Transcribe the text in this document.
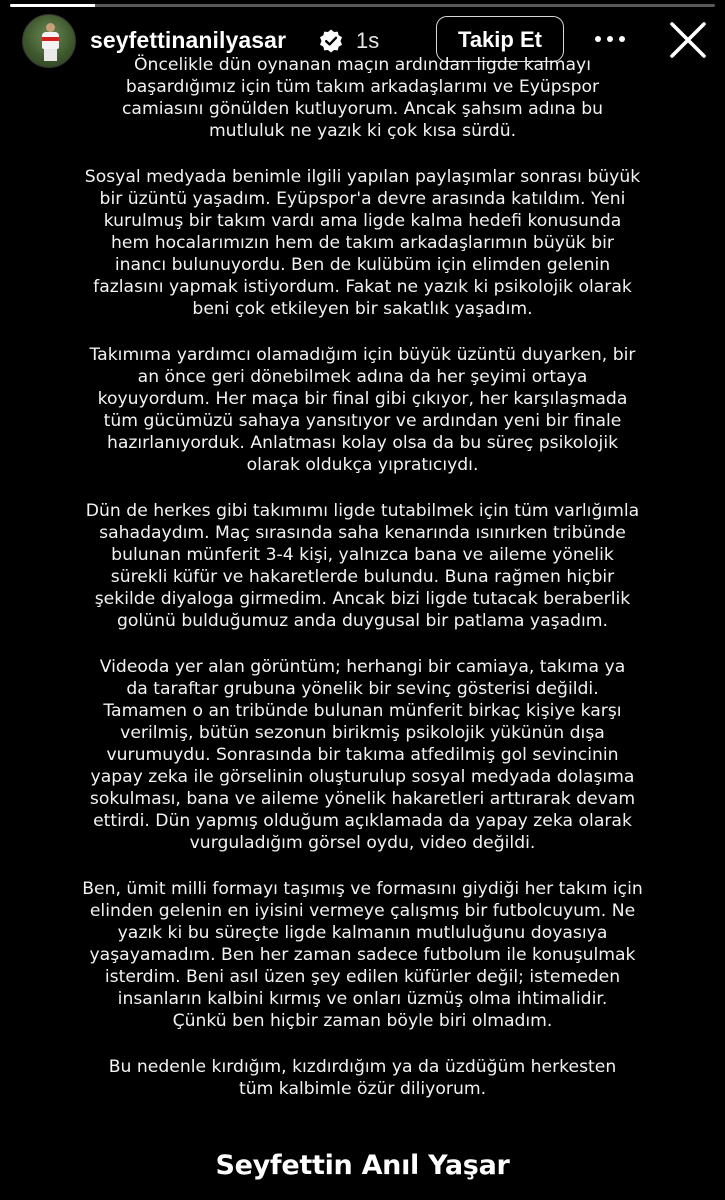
seyfettinanilyasar	1s	Takip Et

Öncelikle dün oynanan maçın ardından ligde kalmayı
başardığımız için tüm takım arkadaşlarımı ve Eyüpspor
camiasını gönülden kutluyorum. Ancak şahsım adına bu
mutluluk ne yazık ki çok kısa sürdü.

Sosyal medyada benimle ilgili yapılan paylaşımlar sonrası büyük
bir üzüntü yaşadım. Eyüpspor'a devre arasında katıldım. Yeni
kurulmuş bir takım vardı ama ligde kalma hedefi konusunda
hem hocalarımızın hem de takım arkadaşlarımın büyük bir
inancı bulunuyordu. Ben de kulübüm için elimden gelenin
fazlasını yapmak istiyordum. Fakat ne yazık ki psikolojik olarak
beni çok etkileyen bir sakatlık yaşadım.

Takımıma yardımcı olamadığım için büyük üzüntü duyarken, bir
an önce geri dönebilmek adına da her şeyimi ortaya
koyuyordum. Her maça bir final gibi çıkıyor, her karşılaşmada
tüm gücümüzü sahaya yansıtıyor ve ardından yeni bir finale
hazırlanıyorduk. Anlatması kolay olsa da bu süreç psikolojik
olarak oldukça yıpratıcıydı.

Dün de herkes gibi takımımı ligde tutabilmek için tüm varlığımla
sahadaydım. Maç sırasında saha kenarında ısınırken tribünde
bulunan münferit 3-4 kişi, yalnızca bana ve aileme yönelik
sürekli küfür ve hakaretlerde bulundu. Buna rağmen hiçbir
şekilde diyaloga girmedim. Ancak bizi ligde tutacak beraberlik
golünü bulduğumuz anda duygusal bir patlama yaşadım.

Videoda yer alan görüntüm; herhangi bir camiaya, takıma ya
da taraftar grubuna yönelik bir sevinç gösterisi değildi.
Tamamen o an tribünde bulunan münferit birkaç kişiye karşı
verilmiş, bütün sezonun birikmiş psikolojik yükünün dışa
vurumuydu. Sonrasında bir takıma atfedilmiş gol sevincinin
yapay zeka ile görselinin oluşturulup sosyal medyada dolaşıma
sokulması, bana ve aileme yönelik hakaretleri arttırarak devam
ettirdi. Dün yapmış olduğum açıklamada da yapay zeka olarak
vurguladığım görsel oydu, video değildi.

Ben, ümit milli formayı taşımış ve formasını giydiği her takım için
elinden gelenin en iyisini vermeye çalışmış bir futbolcuyum. Ne
yazık ki bu süreçte ligde kalmanın mutluluğunu doyasıya
yaşayamadım. Ben her zaman sadece futbolum ile konuşulmak
isterdim. Beni asıl üzen şey edilen küfürler değil; istemeden
insanların kalbini kırmış ve onları üzmüş olma ihtimalidir.
Çünkü ben hiçbir zaman böyle biri olmadım.

Bu nedenle kırdığım, kızdırdığım ya da üzdüğüm herkesten
tüm kalbimle özür diliyorum.

Seyfettin Anıl Yaşar
